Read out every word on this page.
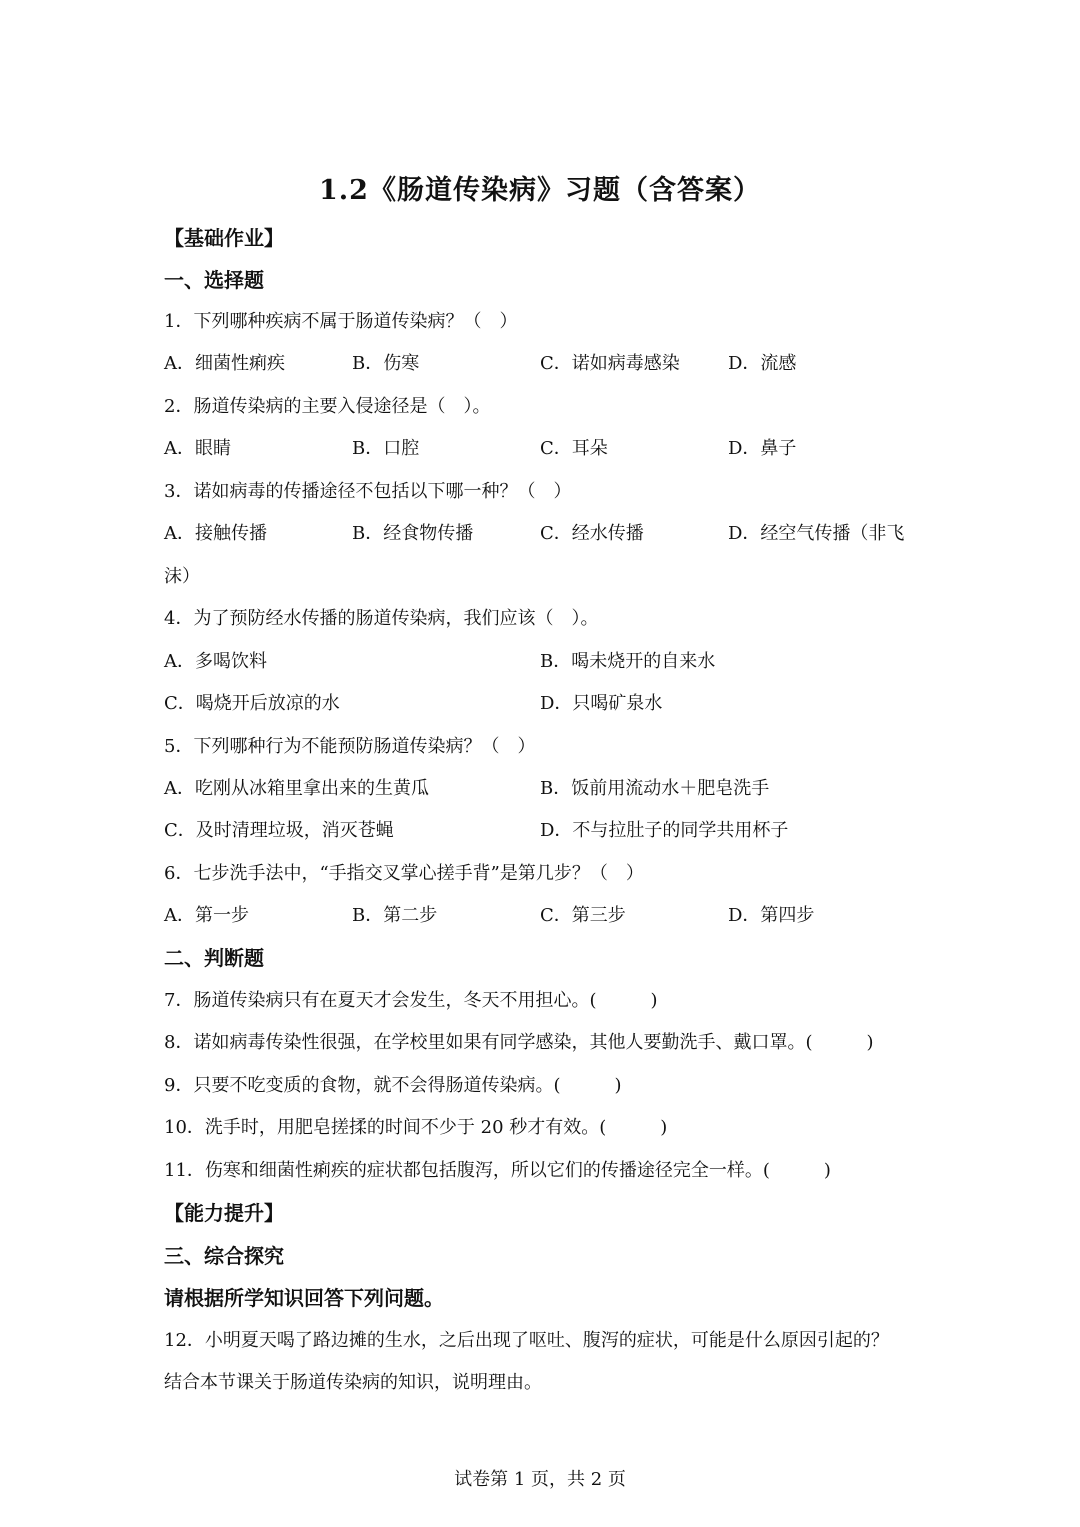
1.2《肠道传染病》习题（含答案）
【基础作业】
一、选择题
1．下列哪种疾病不属于肠道传染病？（　）
A．细菌性痢疾	B．伤寒	C．诺如病毒感染	D．流感
2．肠道传染病的主要入侵途径是（　）。
A．眼睛	B．口腔	C．耳朵	D．鼻子
3．诺如病毒的传播途径不包括以下哪一种？（　）
A．接触传播	B．经食物传播	C．经水传播	D．经空气传播（非飞
沫）
4．为了预防经水传播的肠道传染病，我们应该（　）。
A．多喝饮料	B．喝未烧开的自来水
C．喝烧开后放凉的水	D．只喝矿泉水
5．下列哪种行为不能预防肠道传染病？（　）
A．吃刚从冰箱里拿出来的生黄瓜	B．饭前用流动水＋肥皂洗手
C．及时清理垃圾，消灭苍蝇	D．不与拉肚子的同学共用杯子
6．七步洗手法中，“手指交叉掌心搓手背”是第几步？（　）
A．第一步	B．第二步	C．第三步	D．第四步
二、判断题
7．肠道传染病只有在夏天才会发生，冬天不用担心。(　　　)
8．诺如病毒传染性很强，在学校里如果有同学感染，其他人要勤洗手、戴口罩。(　　　)
9．只要不吃变质的食物，就不会得肠道传染病。(　　　)
10．洗手时，用肥皂搓揉的时间不少于 20 秒才有效。(　　　)
11．伤寒和细菌性痢疾的症状都包括腹泻，所以它们的传播途径完全一样。(　　　)
【能力提升】
三、综合探究
请根据所学知识回答下列问题。
12．小明夏天喝了路边摊的生水，之后出现了呕吐、腹泻的症状，可能是什么原因引起的？
结合本节课关于肠道传染病的知识，说明理由。
试卷第 1 页，共 2 页
